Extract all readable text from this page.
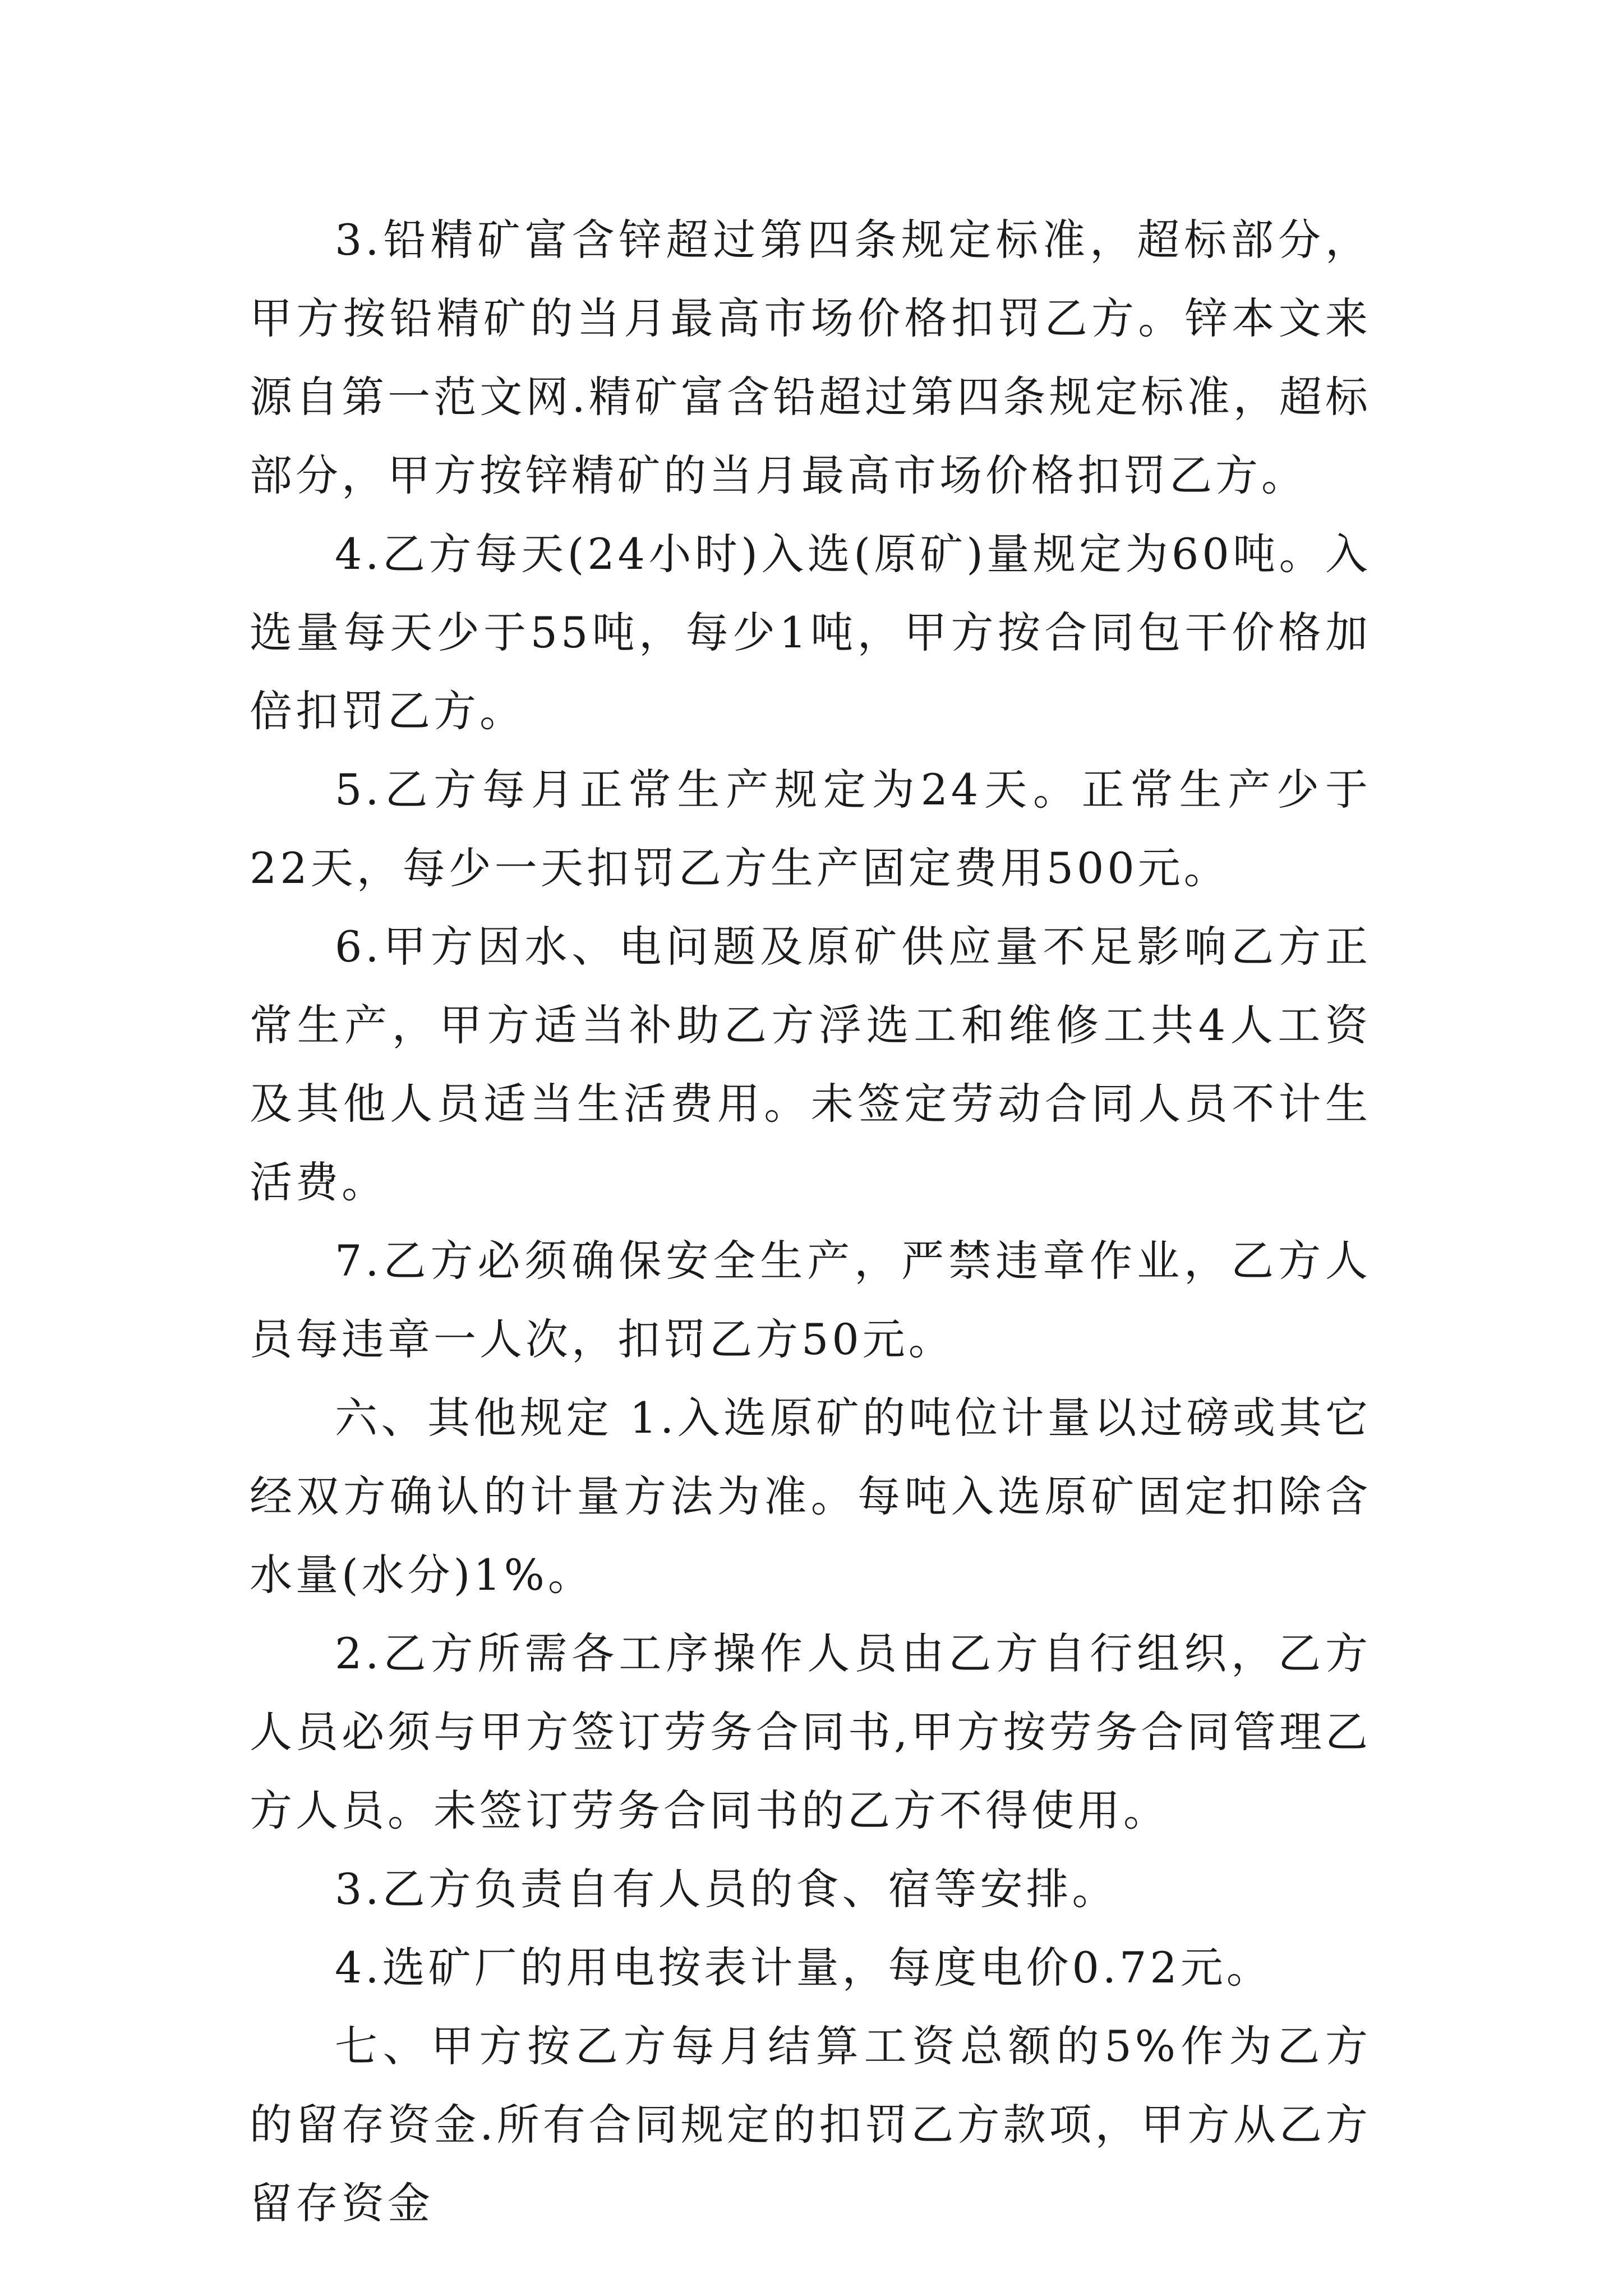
3.铅精矿富含锌超过第四条规定标准，超标部分，甲方按铅精矿的当月最高市场价格扣罚乙方。锌本文来源自第一范文网.精矿富含铅超过第四条规定标准，超标部分，甲方按锌精矿的当月最高市场价格扣罚乙方。

4.乙方每天(24小时)入选(原矿)量规定为60吨。入选量每天少于55吨，每少1吨，甲方按合同包干价格加倍扣罚乙方。

5.乙方每月正常生产规定为24天。正常生产少于22天，每少一天扣罚乙方生产固定费用500元。

6.甲方因水、电问题及原矿供应量不足影响乙方正常生产，甲方适当补助乙方浮选工和维修工共4人工资及其他人员适当生活费用。未签定劳动合同人员不计生活费。

7.乙方必须确保安全生产，严禁违章作业，乙方人员每违章一人次，扣罚乙方50元。

六、其他规定 1.入选原矿的吨位计量以过磅或其它经双方确认的计量方法为准。每吨入选原矿固定扣除含水量(水分)1%。

2.乙方所需各工序操作人员由乙方自行组织，乙方人员必须与甲方签订劳务合同书,甲方按劳务合同管理乙方人员。未签订劳务合同书的乙方不得使用。

3.乙方负责自有人员的食、宿等安排。

4.选矿厂的用电按表计量，每度电价0.72元。

七、甲方按乙方每月结算工资总额的5%作为乙方的留存资金.所有合同规定的扣罚乙方款项，甲方从乙方留存资金
